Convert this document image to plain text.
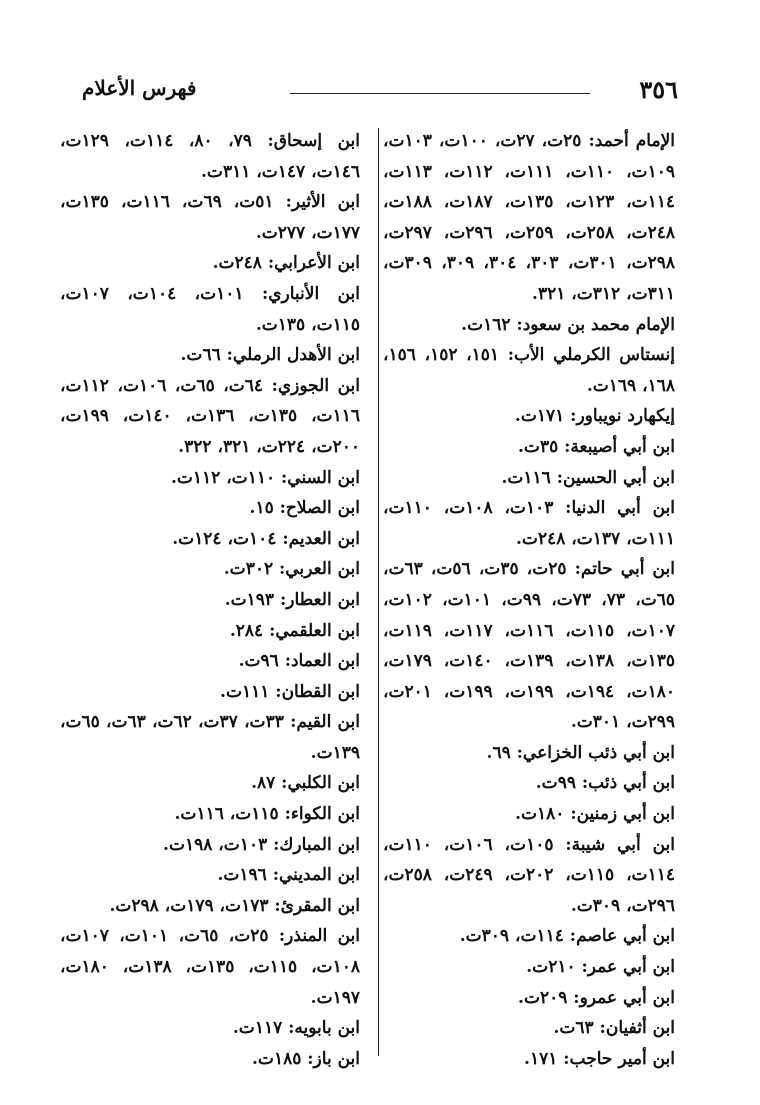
٣٥٦
فهرس الأعلام

الإمام أحمد: ٢٥ت، ٢٧ت، ١٠٠ت، ١٠٣ت، ١٠٩ت، ١١٠ت، ١١١ت، ١١٢ت، ١١٣ت، ١١٤ت، ١٢٣ت، ١٣٥ت، ١٨٧ت، ١٨٨ت، ٢٤٨ت، ٢٥٨ت، ٢٥٩ت، ٢٩٦ت، ٢٩٧ت، ٢٩٨ت، ٣٠١ت، ٣٠٣، ٣٠٤، ٣٠٩، ٣٠٩ت، ٣١١ت، ٣١٢ت، ٣٢١.

الإمام محمد بن سعود: ١٦٢ت.

إنستاس الكرملي الأب: ١٥١، ١٥٢، ١٥٦، ١٦٨، ١٦٩ت.

إيكهارد نويباور: ١٧١ت.

ابن أبي أصيبعة: ٣٥ت.

ابن أبي الحسين: ١١٦ت.

ابن أبي الدنيا: ١٠٣ت، ١٠٨ت، ١١٠ت، ١١١ت، ١٣٧ت، ٢٤٨ت.

ابن أبي حاتم: ٢٥ت، ٣٥ت، ٥٦ت، ٦٣ت، ٦٥ت، ٧٣، ٧٣ت، ٩٩ت، ١٠١ت، ١٠٢ت، ١٠٧ت، ١١٥ت، ١١٦ت، ١١٧ت، ١١٩ت، ١٣٥ت، ١٣٨ت، ١٣٩ت، ١٤٠ت، ١٧٩ت، ١٨٠ت، ١٩٤ت، ١٩٩ت، ١٩٩ت، ٢٠١ت، ٢٩٩ت، ٣٠١ت.

ابن أبي ذئب الخزاعي: ٦٩.

ابن أبي ذئب: ٩٩ت.

ابن أبي زمنين: ١٨٠ت.

ابن أبي شيبة: ١٠٥ت، ١٠٦ت، ١١٠ت، ١١٤ت، ١١٥ت، ٢٠٢ت، ٢٤٩ت، ٢٥٨ت، ٢٩٦ت، ٣٠٩ت.

ابن أبي عاصم: ١١٤ت، ٣٠٩ت.

ابن أبي عمر: ٢١٠ت.

ابن أبي عمرو: ٢٠٩ت.

ابن أثفيان: ٦٣ت.

ابن أمير حاجب: ١٧١.

ابن إسحاق: ٧٩، ٨٠، ١١٤ت، ١٢٩ت، ١٤٦ت، ١٤٧ت، ٣١١ت.

ابن الأثير: ٥١ت، ٦٩ت، ١١٦ت، ١٣٥ت، ١٧٧ت، ٢٧٧ت.

ابن الأعرابي: ٢٤٨ت.

ابن الأنباري: ١٠١ت، ١٠٤ت، ١٠٧ت، ١١٥ت، ١٣٥ت.

ابن الأهدل الرملي: ٦٦ت.

ابن الجوزي: ٦٤ت، ٦٥ت، ١٠٦ت، ١١٢ت، ١١٦ت، ١٣٥ت، ١٣٦ت، ١٤٠ت، ١٩٩ت، ٢٠٠ت، ٢٢٤ت، ٣٢١، ٣٢٢.

ابن السني: ١١٠ت، ١١٢ت.

ابن الصلاح: ١٥.

ابن العديم: ١٠٤ت، ١٢٤ت.

ابن العربي: ٣٠٢ت.

ابن العطار: ١٩٣ت.

ابن العلقمي: ٢٨٤.

ابن العماد: ٩٦ت.

ابن القطان: ١١١ت.

ابن القيم: ٣٣ت، ٣٧ت، ٦٢ت، ٦٣ت، ٦٥ت، ١٣٩ت.

ابن الكلبي: ٨٧.

ابن الكواء: ١١٥ت، ١١٦ت.

ابن المبارك: ١٠٣ت، ١٩٨ت.

ابن المديني: ١٩٦ت.

ابن المقرئ: ١٧٣ت، ١٧٩ت، ٢٩٨ت.

ابن المنذر: ٢٥ت، ٦٥ت، ١٠١ت، ١٠٧ت، ١٠٨ت، ١١٥ت، ١٣٥ت، ١٣٨ت، ١٨٠ت، ١٩٧ت.

ابن بابويه: ١١٧ت.

ابن باز: ١٨٥ت.
